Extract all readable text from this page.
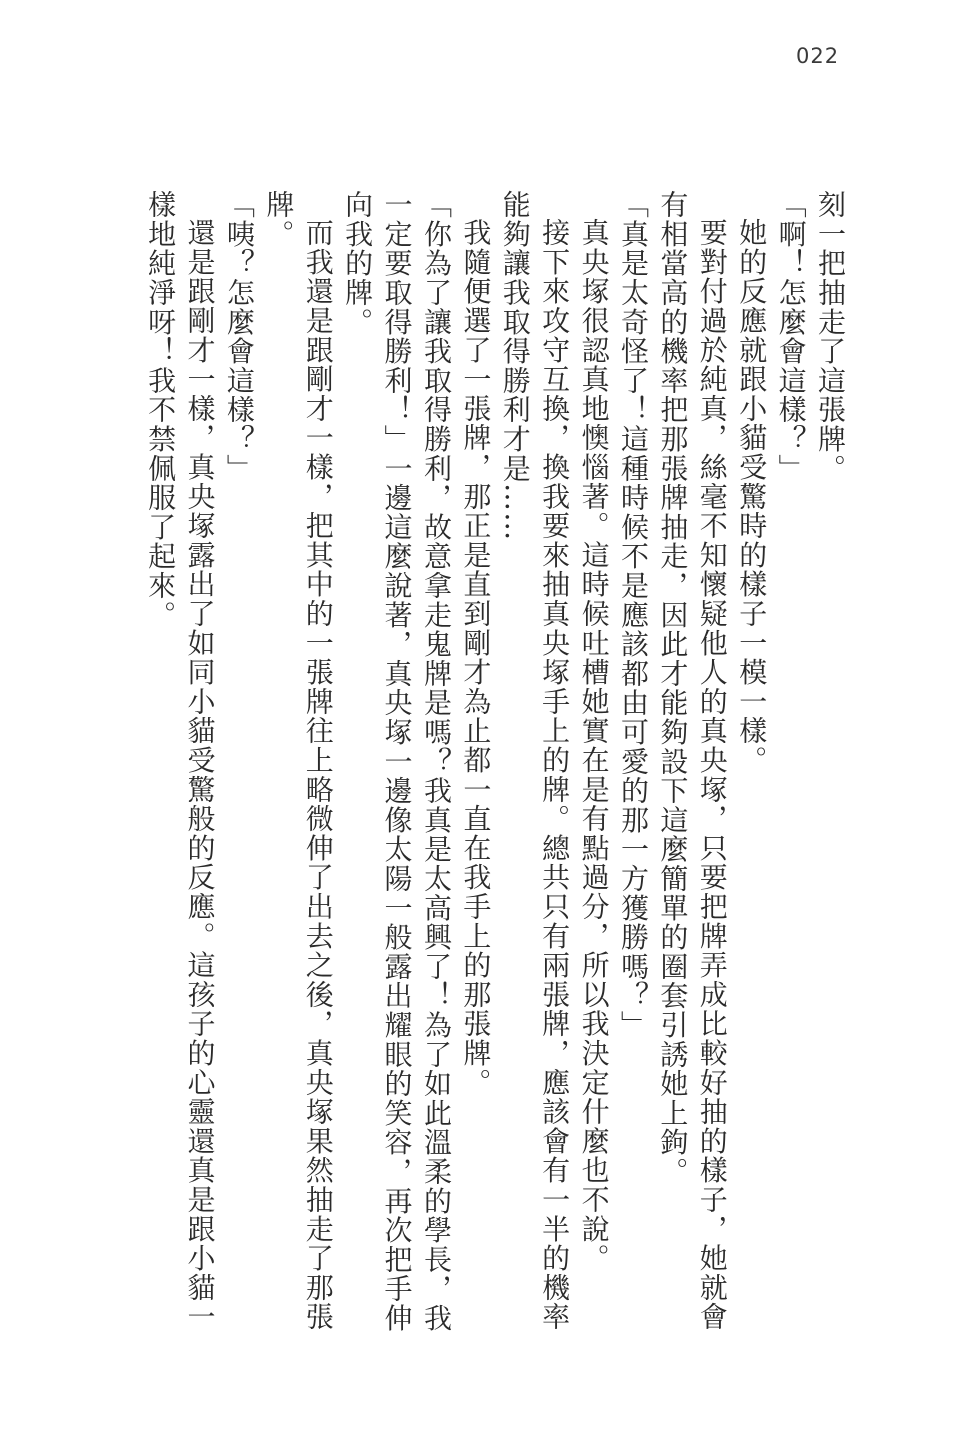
022

刻一把抽走了這張牌。

「啊！怎麼會這樣？」

她的反應就跟小貓受驚時的樣子一模一樣。

要對付過於純真，絲毫不知懷疑他人的真央塚，只要把牌弄成比較好抽的樣子，她就會有相當高的機率把那張牌抽走，因此才能夠設下這麼簡單的圈套引誘她上鉤。

「真是太奇怪了！這種時候不是應該都由可愛的那一方獲勝嗎？」

真央塚很認真地懊惱著。這時候吐槽她實在是有點過分，所以我決定什麼也不說。

接下來攻守互換，換我要來抽真央塚手上的牌。總共只有兩張牌，應該會有一半的機率能夠讓我取得勝利才是……

我隨便選了一張牌，那正是直到剛才為止都一直在我手上的那張牌。

「你為了讓我取得勝利，故意拿走鬼牌是嗎？我真是太高興了！為了如此溫柔的學長，我一定要取得勝利！」一邊這麼說著，真央塚一邊像太陽一般露出耀眼的笑容，再次把手伸向我的牌。

而我還是跟剛才一樣，把其中的一張牌往上略微伸了出去之後，真央塚果然抽走了那張牌。

「咦？怎麼會這樣？」

還是跟剛才一樣，真央塚露出了如同小貓受驚般的反應。這孩子的心靈還真是跟小貓一樣地純淨呀！我不禁佩服了起來。
